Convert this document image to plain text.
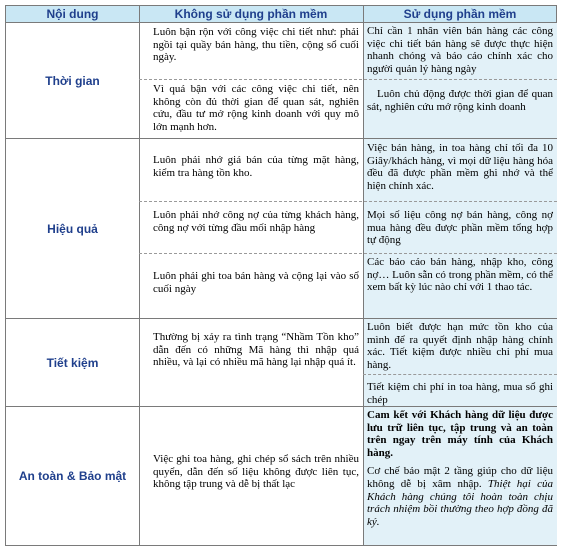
Nội dung	Không sử dụng phần mềm	Sử dụng phần mềm
Thời gian
Hiệu quả
Tiết kiệm
An toàn & Bảo mật
Luôn bận rộn với công việc chi tiết như: phải ngồi tại quầy bán hàng, thu tiền, cộng sổ cuối ngày.
Chỉ cần 1 nhân viên bán hàng các công việc chi tiết bán hàng sẽ được thực hiện nhanh chóng và báo cáo chính xác cho người quản lý hàng ngày
Vì quá bận với các công việc chi tiết, nên không còn đủ thời gian để quan sát, nghiên cứu, đầu tư mở rộng kinh doanh với quy mô lớn mạnh hơn.
Luôn chủ động được thời gian để quan sát, nghiên cứu mở rộng kinh doanh
Luôn phải nhớ giá bán của từng mặt hàng, kiểm tra hàng tồn kho.
Việc bán hàng, in toa hàng chỉ tối đa 10 Giây/khách hàng, vì mọi dữ liệu hàng hóa đều đã được phần mềm ghi nhớ và thể hiện chính xác.
Luôn phải nhớ công nợ của từng khách hàng, công nợ với từng đầu mối nhập hàng
Mọi số liệu công nợ bán hàng, công nợ mua hàng đều được phần mềm tổng hợp tự động
Luôn phải ghi toa bán hàng và cộng lại vào sổ cuối ngày
Các báo cáo bán hàng, nhập kho, công nợ… Luôn sẵn có trong phần mềm, có thể xem bất kỳ lúc nào chỉ với 1 thao tác.
Thường bị xảy ra tình trạng “Nhầm Tồn kho” dẫn đến có những Mã hàng thì nhập quá nhiều, và lại có nhiều mã hàng lại nhập quá ít.
Luôn biết được hạn mức tồn kho của mình để ra quyết định nhập hàng chính xác. Tiết kiệm được nhiều chi phí mua hàng.
Tiết kiệm chi phí in toa hàng, mua sổ ghi chép
Việc ghi toa hàng, ghi chép sổ sách trên nhiều quyển, dẫn đến số liệu không được liên tục, không tập trung và dễ bị thất lạc
Cam kết với Khách hàng dữ liệu được lưu trữ liên tục, tập trung và an toàn trên ngay trên máy tính của Khách hàng.
Cơ chế bảo mật 2 tầng giúp cho dữ liệu không dễ bị xâm nhập. Thiệt hại của Khách hàng chúng tôi hoàn toàn chịu trách nhiệm bồi thường theo hợp đồng đã ký.
